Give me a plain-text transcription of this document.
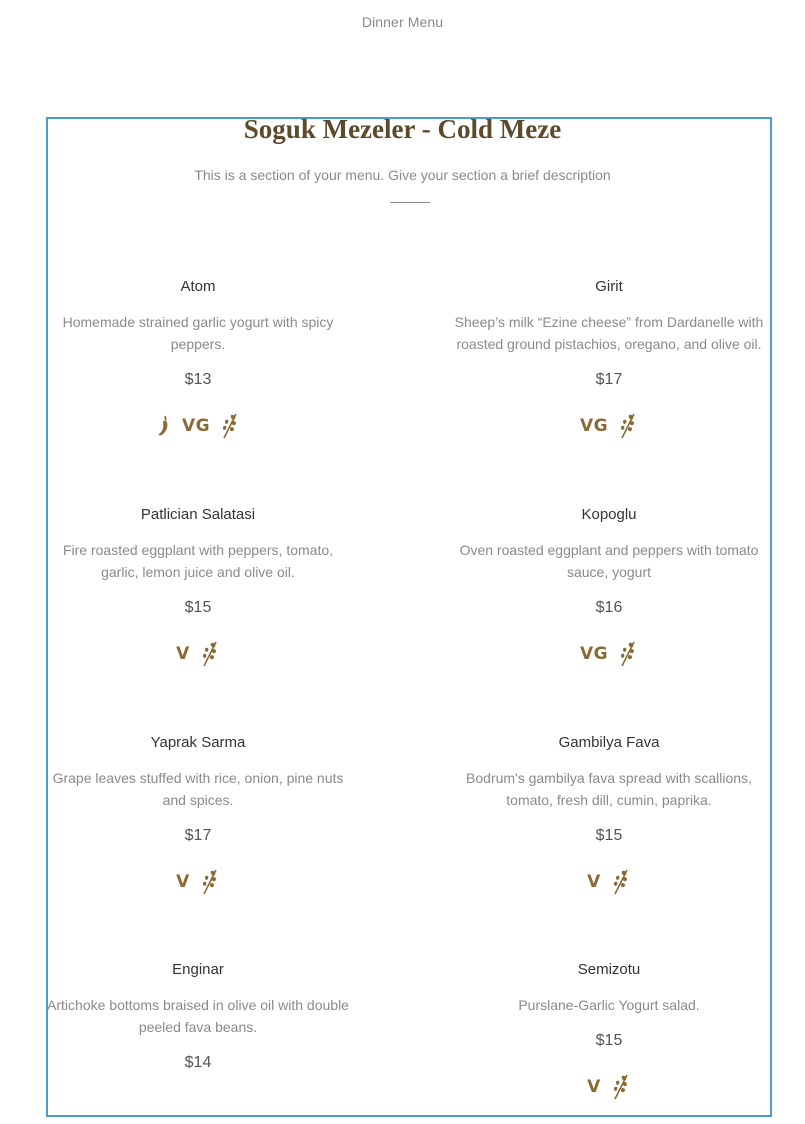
Dinner Menu
Soguk Mezeler - Cold Meze
This is a section of your menu. Give your section a brief description
Atom
Homemade strained garlic yogurt with spicy peppers.
$13
VG
Girit
Sheep’s milk “Ezine cheese” from Dardanelle with roasted ground pistachios, oregano, and olive oil.
$17
VG
Patlician Salatasi
Fire roasted eggplant with peppers, tomato, garlic, lemon juice and olive oil.
$15
V
Kopoglu
Oven roasted eggplant and peppers with tomato sauce, yogurt
$16
VG
Yaprak Sarma
Grape leaves stuffed with rice, onion, pine nuts and spices.
$17
V
Gambilya Fava
Bodrum's gambilya fava spread with scallions, tomato, fresh dill, cumin, paprika.
$15
V
Enginar
Artichoke bottoms braised in olive oil with double peeled fava beans.
$14
Semizotu
Purslane-Garlic Yogurt salad.
$15
V
